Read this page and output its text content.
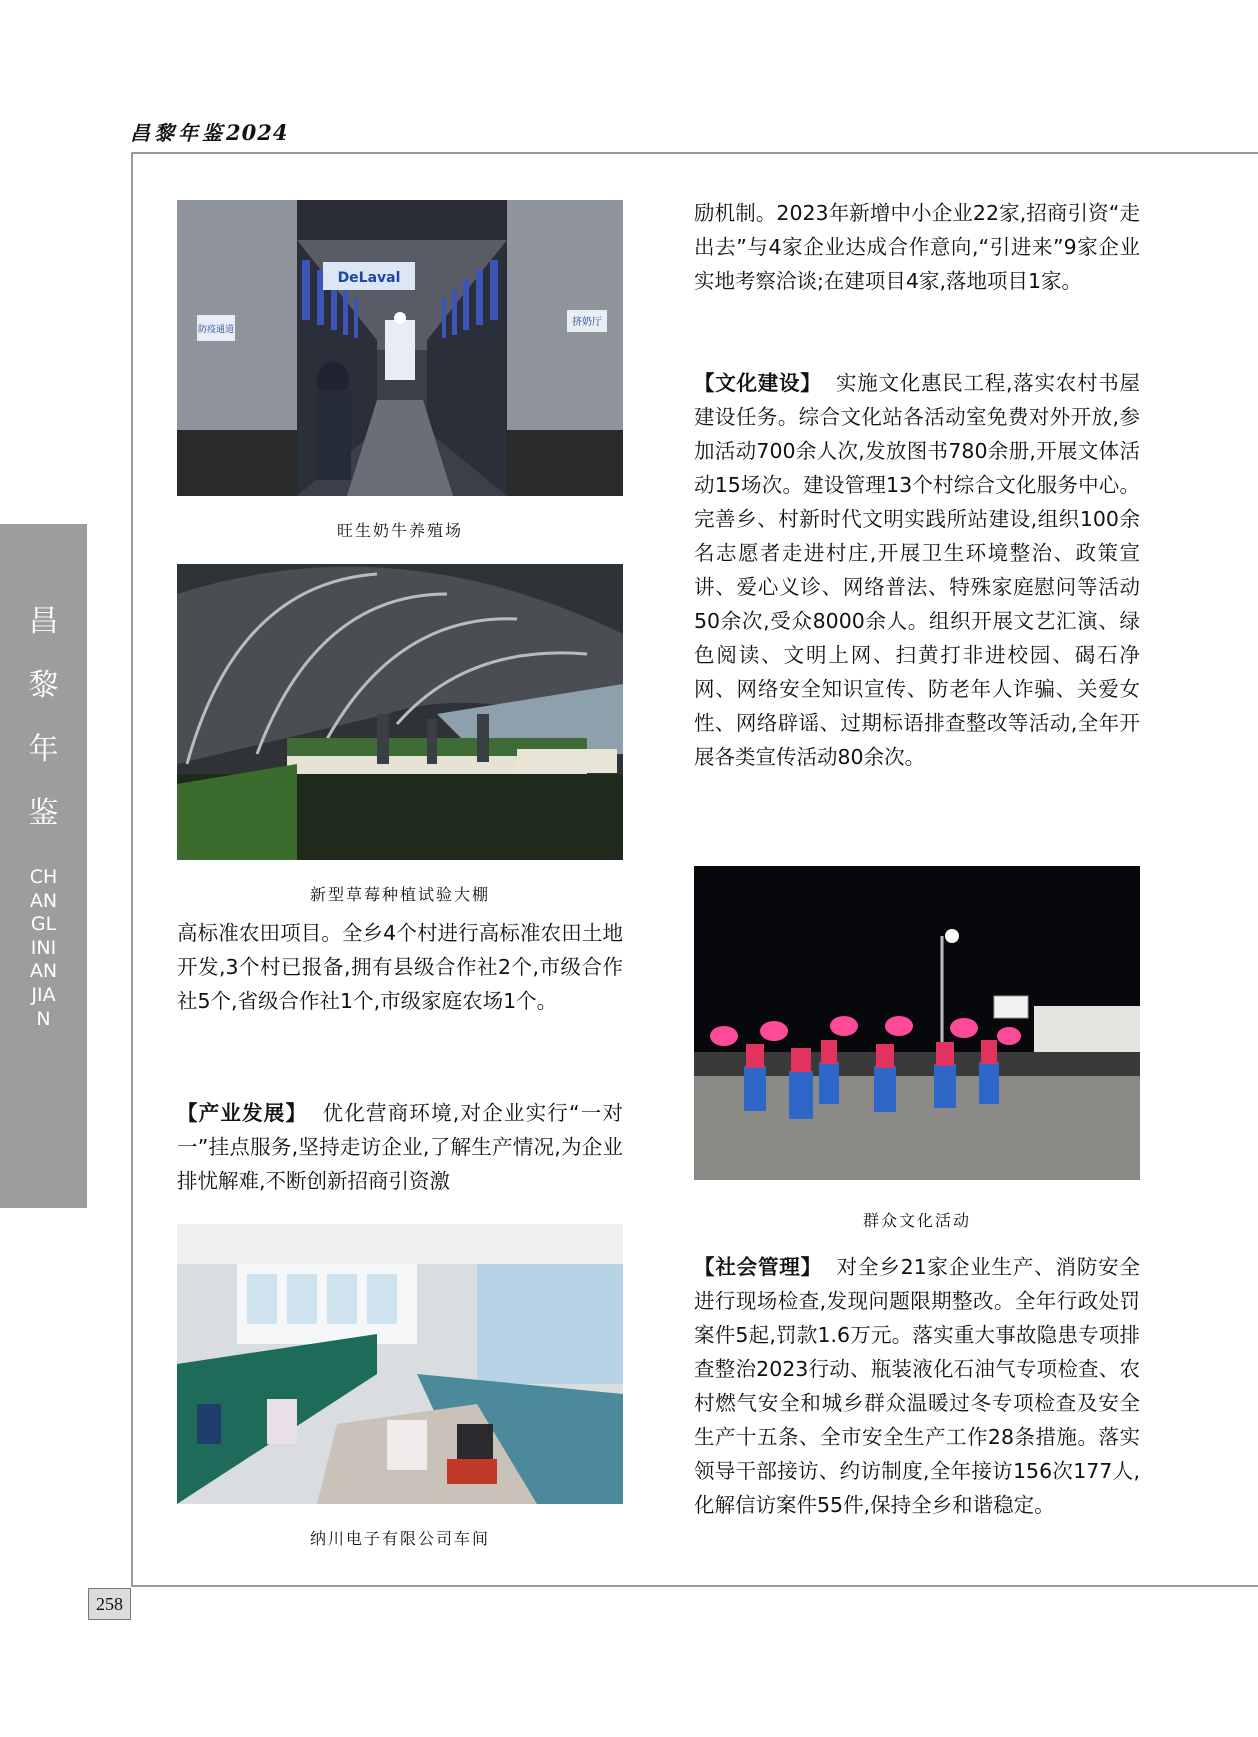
昌黎年鉴2024
昌
黎
年
鉴
CHANGLINIANJIAN
258
DeLaval
防疫通道
挤奶厅
旺生奶牛养殖场
新型草莓种植试验大棚
高标准农田项目。全乡4个村进行高标准农田土地开发,3个村已报备,拥有县级合作社2个,市级合作社5个,省级合作社1个,市级家庭农场1个。
【产业发展】 优化营商环境,对企业实行“一对一”挂点服务,坚持走访企业,了解生产情况,为企业排忧解难,不断创新招商引资激
纳川电子有限公司车间
励机制。2023年新增中小企业22家,招商引资“走出去”与4家企业达成合作意向,“引进来”9家企业实地考察洽谈;在建项目4家,落地项目1家。
【文化建设】 实施文化惠民工程,落实农村书屋建设任务。综合文化站各活动室免费对外开放,参加活动700余人次,发放图书780余册,开展文体活动15场次。建设管理13个村综合文化服务中心。完善乡、村新时代文明实践所站建设,组织100余名志愿者走进村庄,开展卫生环境整治、政策宣讲、爱心义诊、网络普法、特殊家庭慰问等活动50余次,受众8000余人。组织开展文艺汇演、绿色阅读、文明上网、扫黄打非进校园、碣石净网、网络安全知识宣传、防老年人诈骗、关爱女性、网络辟谣、过期标语排查整改等活动,全年开展各类宣传活动80余次。
群众文化活动
【社会管理】 对全乡21家企业生产、消防安全进行现场检查,发现问题限期整改。全年行政处罚案件5起,罚款1.6万元。落实重大事故隐患专项排查整治2023行动、瓶装液化石油气专项检查、农村燃气安全和城乡群众温暖过冬专项检查及安全生产十五条、全市安全生产工作28条措施。落实领导干部接访、约访制度,全年接访156次177人,化解信访案件55件,保持全乡和谐稳定。
